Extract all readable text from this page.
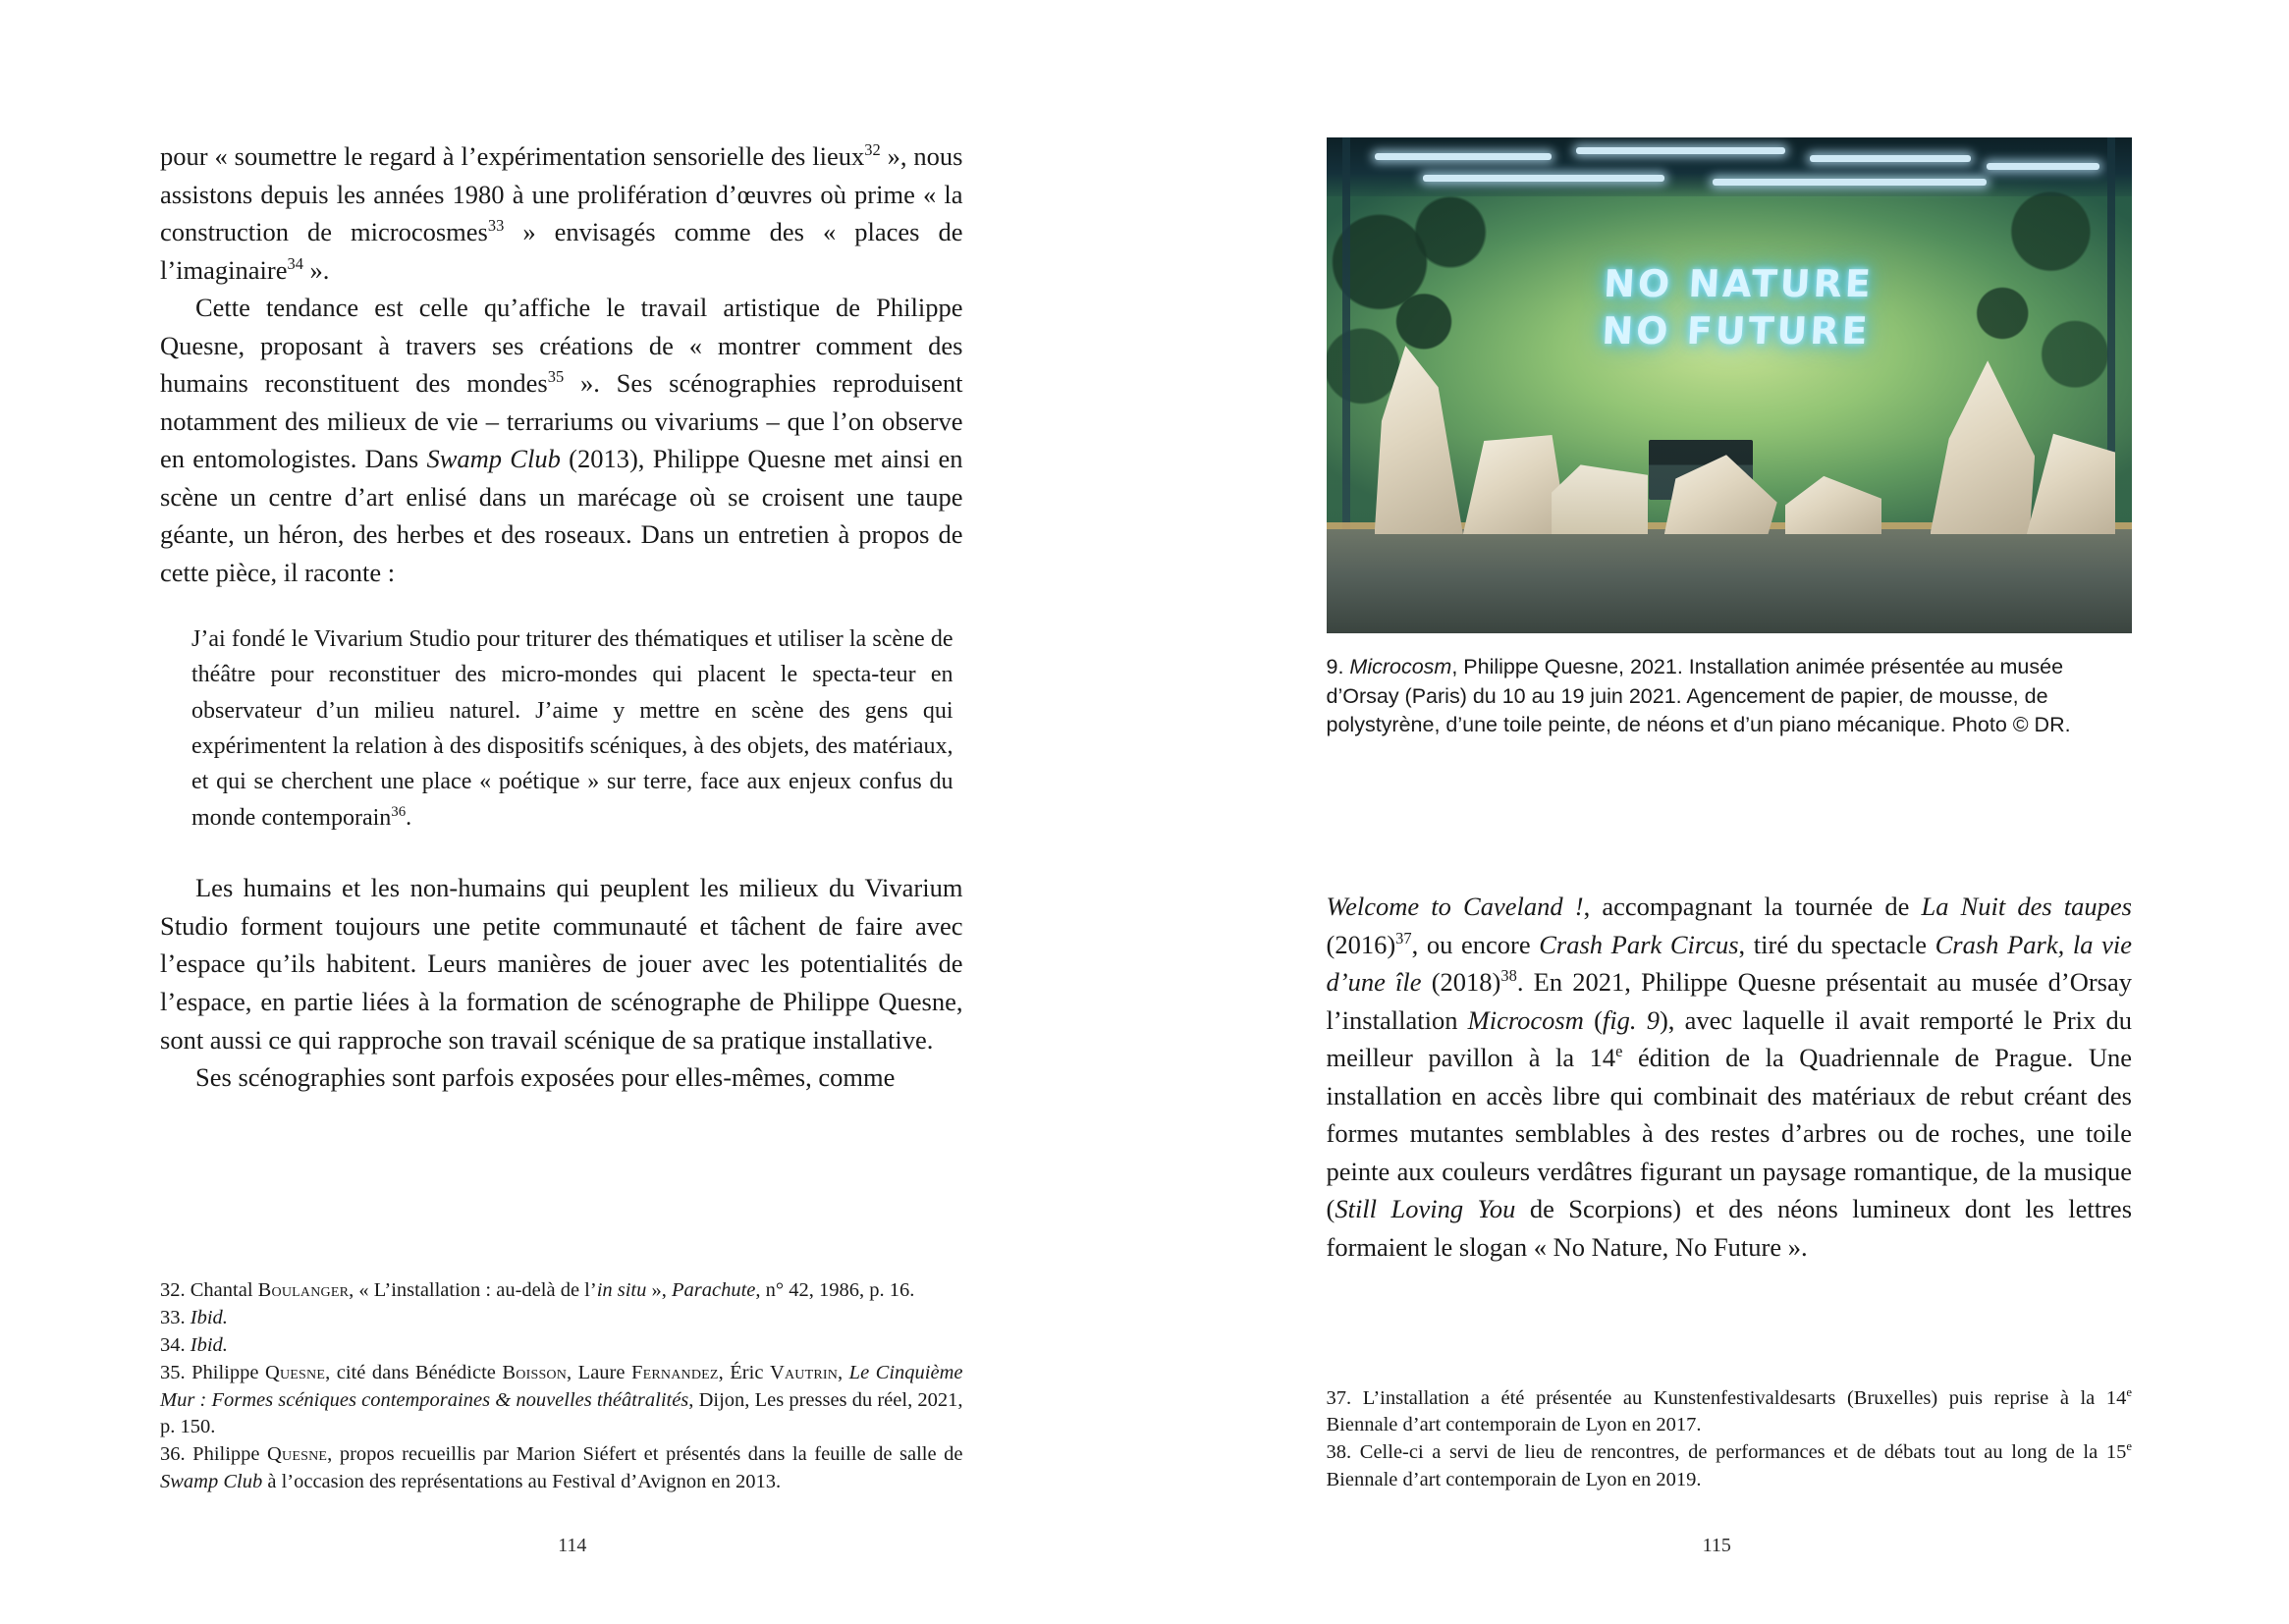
pour « soumettre le regard à l’expérimentation sensorielle des lieux$^{32}$ », nous assistons depuis les années 1980 à une prolifération d’œuvres où prime « la construction de microcosmes$^{33}$ » envisagés comme des « places de l’imaginaire$^{34}$ ».

Cette tendance est celle qu’affiche le travail artistique de Philippe Quesne, proposant à travers ses créations de « montrer comment des humains reconstituent des mondes$^{35}$ ». Ses scénographies reproduisent notamment des milieux de vie – terrariums ou vivariums – que l’on observe en entomologistes. Dans Swamp Club (2013), Philippe Quesne met ainsi en scène un centre d’art enlisé dans un marécage où se croisent une taupe géante, un héron, des herbes et des roseaux. Dans un entretien à propos de cette pièce, il raconte :

J’ai fondé le Vivarium Studio pour triturer des thématiques et utiliser la scène de théâtre pour reconstituer des micro-mondes qui placent le specta-teur en observateur d’un milieu naturel. J’aime y mettre en scène des gens qui expérimentent la relation à des dispositifs scéniques, à des objets, des matériaux, et qui se cherchent une place « poétique » sur terre, face aux enjeux confus du monde contemporain$^{36}$.

Les humains et les non-humains qui peuplent les milieux du Vivarium Studio forment toujours une petite communauté et tâchent de faire avec l’espace qu’ils habitent. Leurs manières de jouer avec les potentialités de l’espace, en partie liées à la formation de scénographe de Philippe Quesne, sont aussi ce qui rapproche son travail scénique de sa pratique installative.

Ses scénographies sont parfois exposées pour elles-mêmes, comme

32. Chantal Boulanger, « L’installation : au-delà de l’in situ », Parachute, n° 42, 1986, p. 16.

33. Ibid.

34. Ibid.

35. Philippe Quesne, cité dans Bénédicte Boisson, Laure Fernandez, Éric Vautrin, Le Cinquième Mur : Formes scéniques contemporaines & nouvelles théâtralités, Dijon, Les presses du réel, 2021, p. 150.

36. Philippe Quesne, propos recueillis par Marion Siéfert et présentés dans la feuille de salle de Swamp Club à l’occasion des représentations au Festival d’Avignon en 2013.

114
NO NATURE
NO FUTURE
9. Microcosm, Philippe Quesne, 2021. Installation animée présentée au musée d’Orsay (Paris) du 10 au 19 juin 2021. Agencement de papier, de mousse, de polystyrène, d’une toile peinte, de néons et d’un piano mécanique. Photo © DR.

Welcome to Caveland !, accompagnant la tournée de La Nuit des taupes $(2016)^{37}$, ou encore Crash Park Circus, tiré du spectacle Crash Park, la vie d’une île $(2018)^{38}$. En 2021, Philippe Quesne présentait au musée d’Orsay l’installation Microcosm (fig. 9), avec laquelle il avait remporté le Prix du meilleur pavillon à la 14e édition de la Quadriennale de Prague. Une installation en accès libre qui combinait des matériaux de rebut créant des formes mutantes semblables à des restes d’arbres ou de roches, une toile peinte aux couleurs verdâtres figurant un paysage romantique, de la musique (Still Loving You de Scorpions) et des néons lumineux dont les lettres formaient le slogan « No Nature, No Future ».

37. L’installation a été présentée au Kunstenfestivaldesarts (Bruxelles) puis reprise à la 14e Biennale d’art contemporain de Lyon en 2017.

38. Celle-ci a servi de lieu de rencontres, de performances et de débats tout au long de la 15e Biennale d’art contemporain de Lyon en 2019.

115
